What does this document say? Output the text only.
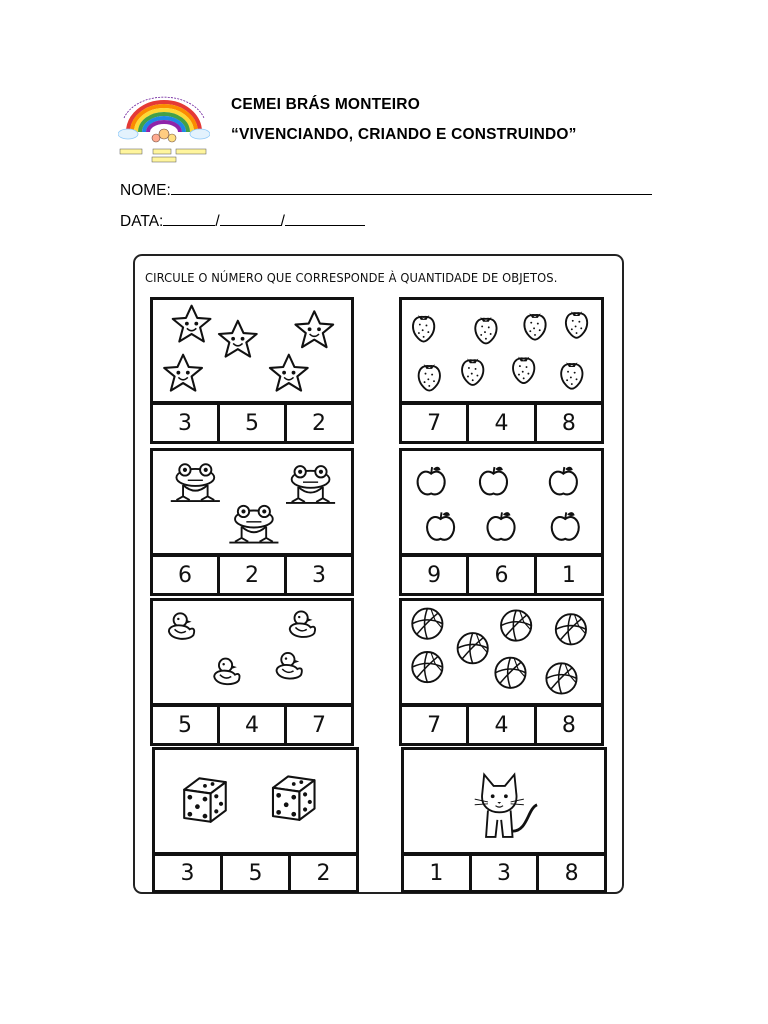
CEMEI BRÁS MONTEIRO
“VIVENCIANDO, CRIANDO E CONSTRUINDO”
NOME:
DATA:	/	/
CIRCULE O NÚMERO QUE CORRESPONDE À QUANTIDADE DE OBJETOS.
3	5	2	7	4	8
6	2	3	9	6	1
5	4	7	7	4	8
3	5	2	1	3	8
